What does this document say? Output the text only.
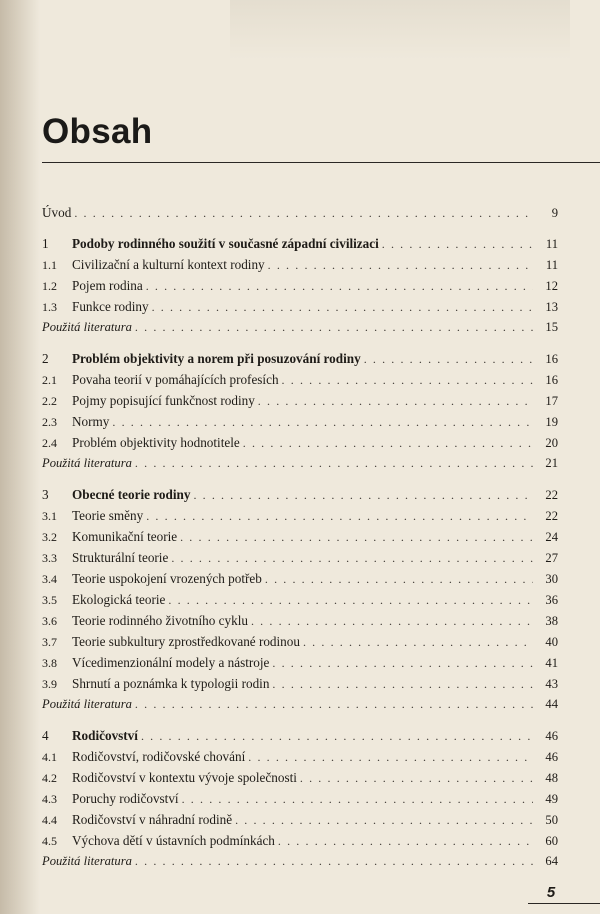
Obsah
Úvod . . .	9
1	Podoby rodinného soužití v současné západní civilizaci . . .	11
1.1	Civilizační a kulturní kontext rodiny . . .	11
1.2	Pojem rodina . . .	12
1.3	Funkce rodiny . . .	13
Použitá literatura . . .	15
2	Problém objektivity a norem při posuzování rodiny . . .	16
2.1	Povaha teorií v pomáhajících profesích . . .	16
2.2	Pojmy popisující funkčnost rodiny . . .	17
2.3	Normy . . .	19
2.4	Problém objektivity hodnotitele . . .	20
Použitá literatura . . .	21
3	Obecné teorie rodiny . . .	22
3.1	Teorie směny . . .	22
3.2	Komunikační teorie . . .	24
3.3	Strukturální teorie . . .	27
3.4	Teorie uspokojení vrozených potřeb . . .	30
3.5	Ekologická teorie . . .	36
3.6	Teorie rodinného životního cyklu . . .	38
3.7	Teorie subkultury zprostředkované rodinou . . .	40
3.8	Vícedimenzionální modely a nástroje . . .	41
3.9	Shrnutí a poznámka k typologii rodin . . .	43
Použitá literatura . . .	44
4	Rodičovství . . .	46
4.1	Rodičovství, rodičovské chování . . .	46
4.2	Rodičovství v kontextu vývoje společnosti . . .	48
4.3	Poruchy rodičovství . . .	49
4.4	Rodičovství v náhradní rodině . . .	50
4.5	Výchova dětí v ústavních podmínkách . . .	60
Použitá literatura . . .	64
5
